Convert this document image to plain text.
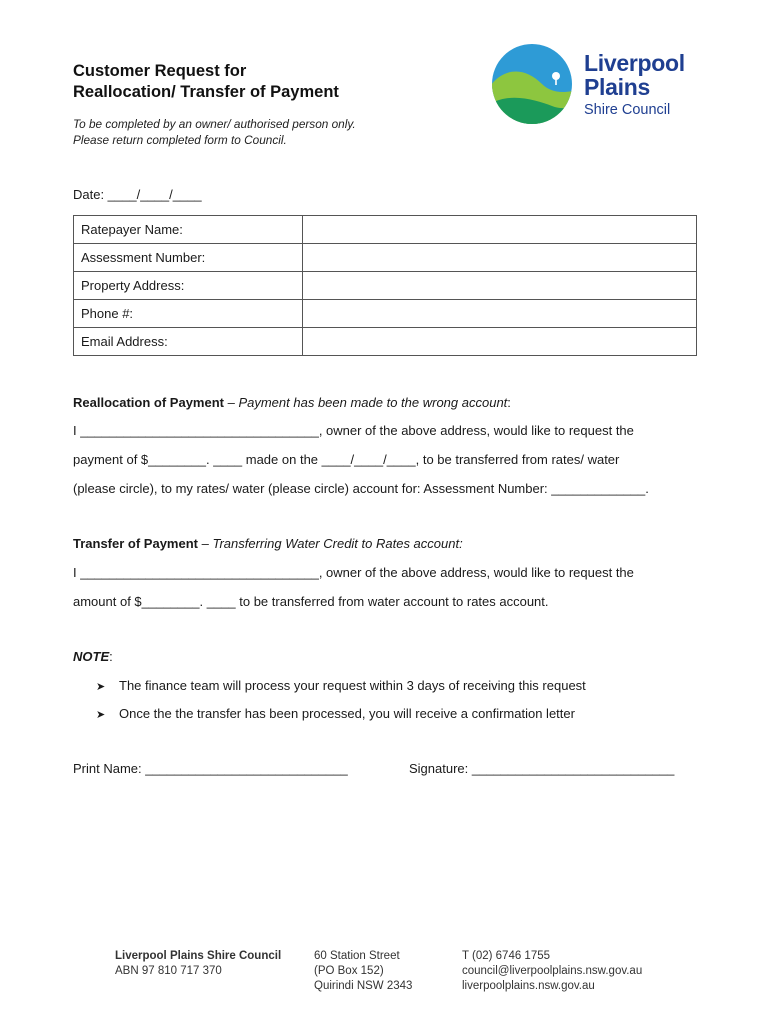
Customer Request for
Reallocation/ Transfer of Payment
To be completed by an owner/ authorised person only.
Please return completed form to Council.
Liverpool
Plains
Shire Council
Date: ____/____/____
Ratepayer Name:	
Assessment Number:	
Property Address:	
Phone #:	
Email Address:	
Reallocation of Payment – Payment has been made to the wrong account:
I _________________________________, owner of the above address, would like to request the
payment of $________. ____ made on the ____/____/____, to be transferred from rates/ water
(please circle), to my rates/ water (please circle) account for: Assessment Number: _____________.
Transfer of Payment – Transferring Water Credit to Rates account:
I _________________________________, owner of the above address, would like to request the
amount of $________. ____ to be transferred from water account to rates account.
NOTE:
➤ The finance team will process your request within 3 days of receiving this request
➤ Once the the transfer has been processed, you will receive a confirmation letter
Print Name: ____________________________	Signature: ____________________________
Liverpool Plains Shire Council
ABN 97 810 717 370
60 Station Street
(PO Box 152)
Quirindi NSW 2343
T (02) 6746 1755
council@liverpoolplains.nsw.gov.au
liverpoolplains.nsw.gov.au
